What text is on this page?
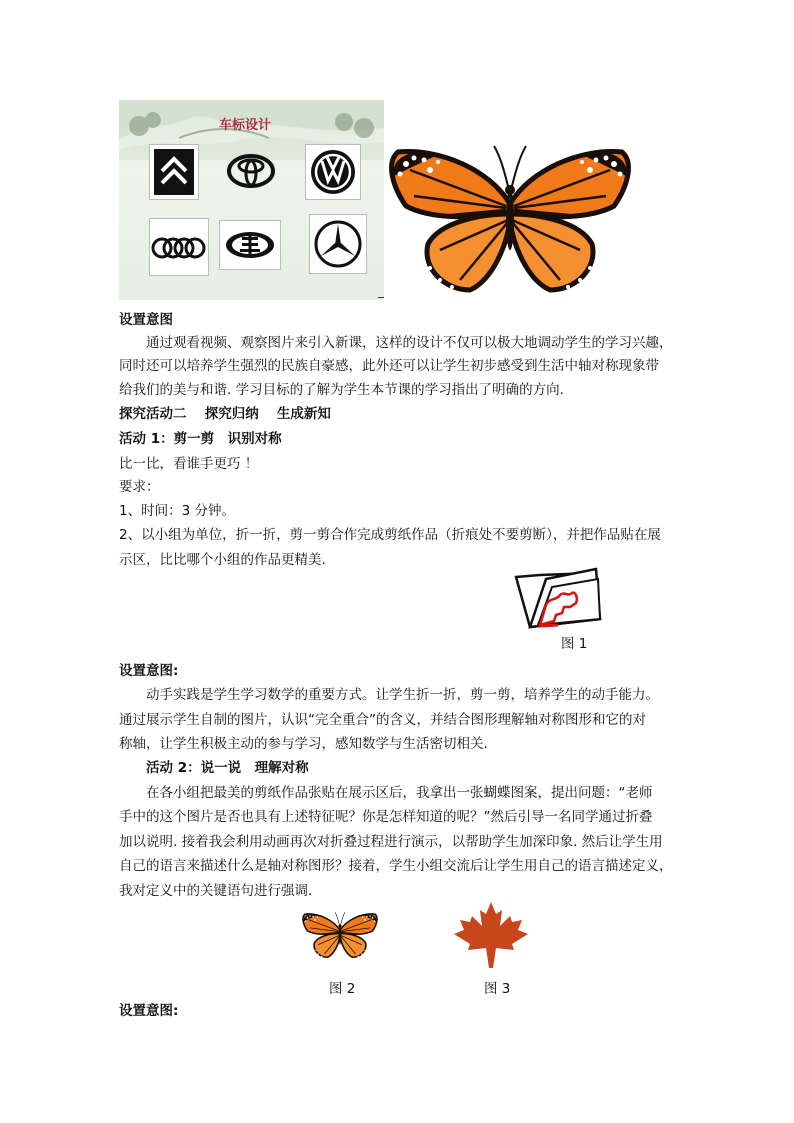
车标设计
设置意图
通过观看视频、观察图片来引入新课，这样的设计不仅可以极大地调动学生的学习兴趣，
同时还可以培养学生强烈的民族自豪感，此外还可以让学生初步感受到生活中轴对称现象带
给我们的美与和谐. 学习目标的了解为学生本节课的学习指出了明确的方向.
探究活动二　 探究归纳　 生成新知
活动 1：剪一剪　识别对称
比一比，看谁手更巧 ！
要求：
1、时间：3 分钟。
2、以小组为单位，折一折，剪一剪合作完成剪纸作品（折痕处不要剪断），并把作品贴在展
示区，比比哪个小组的作品更精美.
图 1
设置意图:
动手实践是学生学习数学的重要方式。让学生折一折，剪一剪，培养学生的动手能力。
通过展示学生自制的图片，认识“完全重合”的含义，并结合图形理解轴对称图形和它的对
称轴，让学生积极主动的参与学习，感知数学与生活密切相关.
活动 2：说一说　理解对称
在各小组把最美的剪纸作品张贴在展示区后，我拿出一张蝴蝶图案，提出问题：“老师
手中的这个图片是否也具有上述特征呢？你是怎样知道的呢？”然后引导一名同学通过折叠
加以说明. 接着我会利用动画再次对折叠过程进行演示，以帮助学生加深印象. 然后让学生用
自己的语言来描述什么是轴对称图形？接着，学生小组交流后让学生用自己的语言描述定义，
我对定义中的关键语句进行强调.
图 2	图 3
设置意图:
